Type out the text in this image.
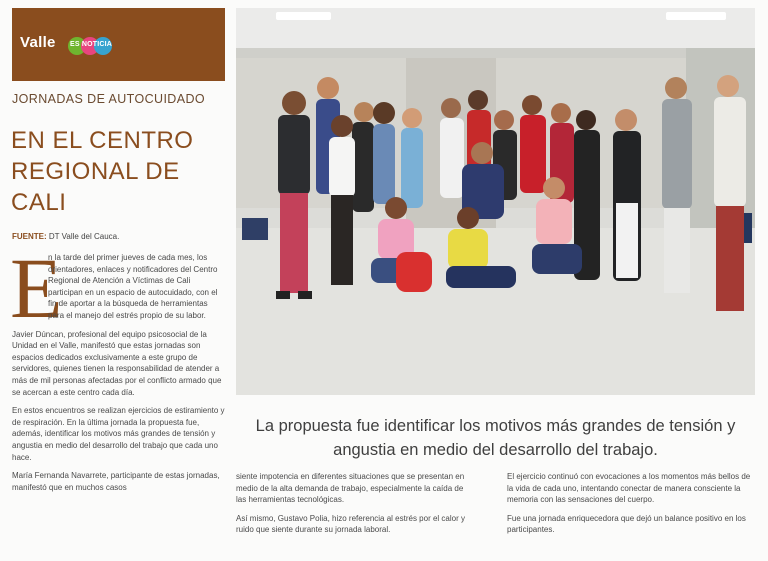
Valle ES NOTICIA
JORNADAS DE AUTOCUIDADO
EN EL CENTRO REGIONAL DE CALI
FUENTE: DT Valle del Cauca.
E

n la tarde del primer jueves de cada mes, los orientadores, enlaces y notificadores del Centro Regional de Atención a Víctimas de Cali participan en un espacio de autocuidado, con el fin de aportar a la búsqueda de herramientas para el manejo del estrés propio de su labor.

Javier Dúncan, profesional del equipo psicosocial de la Unidad en el Valle, manifestó que estas jornadas son espacios dedicados exclusivamente a este grupo de servidores, quienes tienen la responsabilidad de atender a más de mil personas afectadas por el conflicto armado que se acercan a este centro cada día.

En estos encuentros se realizan ejercicios de estiramiento y de respiración. En la última jornada la propuesta fue, además, identificar los motivos más grandes de tensión y angustia en medio del desarrollo del trabajo que cada uno hace.

María Fernanda Navarrete, participante de estas jornadas, manifestó que en muchos casos

La propuesta fue identificar los motivos más grandes de tensión y angustia en medio del desarrollo del trabajo.

siente impotencia en diferentes situaciones que se presentan en medio de la alta demanda de trabajo, especialmente la caída de las herramientas tecnológicas.

Así mismo, Gustavo Polia, hizo referencia al estrés por el calor y ruido que siente durante su jornada laboral.

El ejercicio continuó con evocaciones a los momentos más bellos de la vida de cada uno, intentando conectar de manera consciente la memoria con las sensaciones del cuerpo.

Fue una jornada enriquecedora que dejó un balance positivo en los participantes.
